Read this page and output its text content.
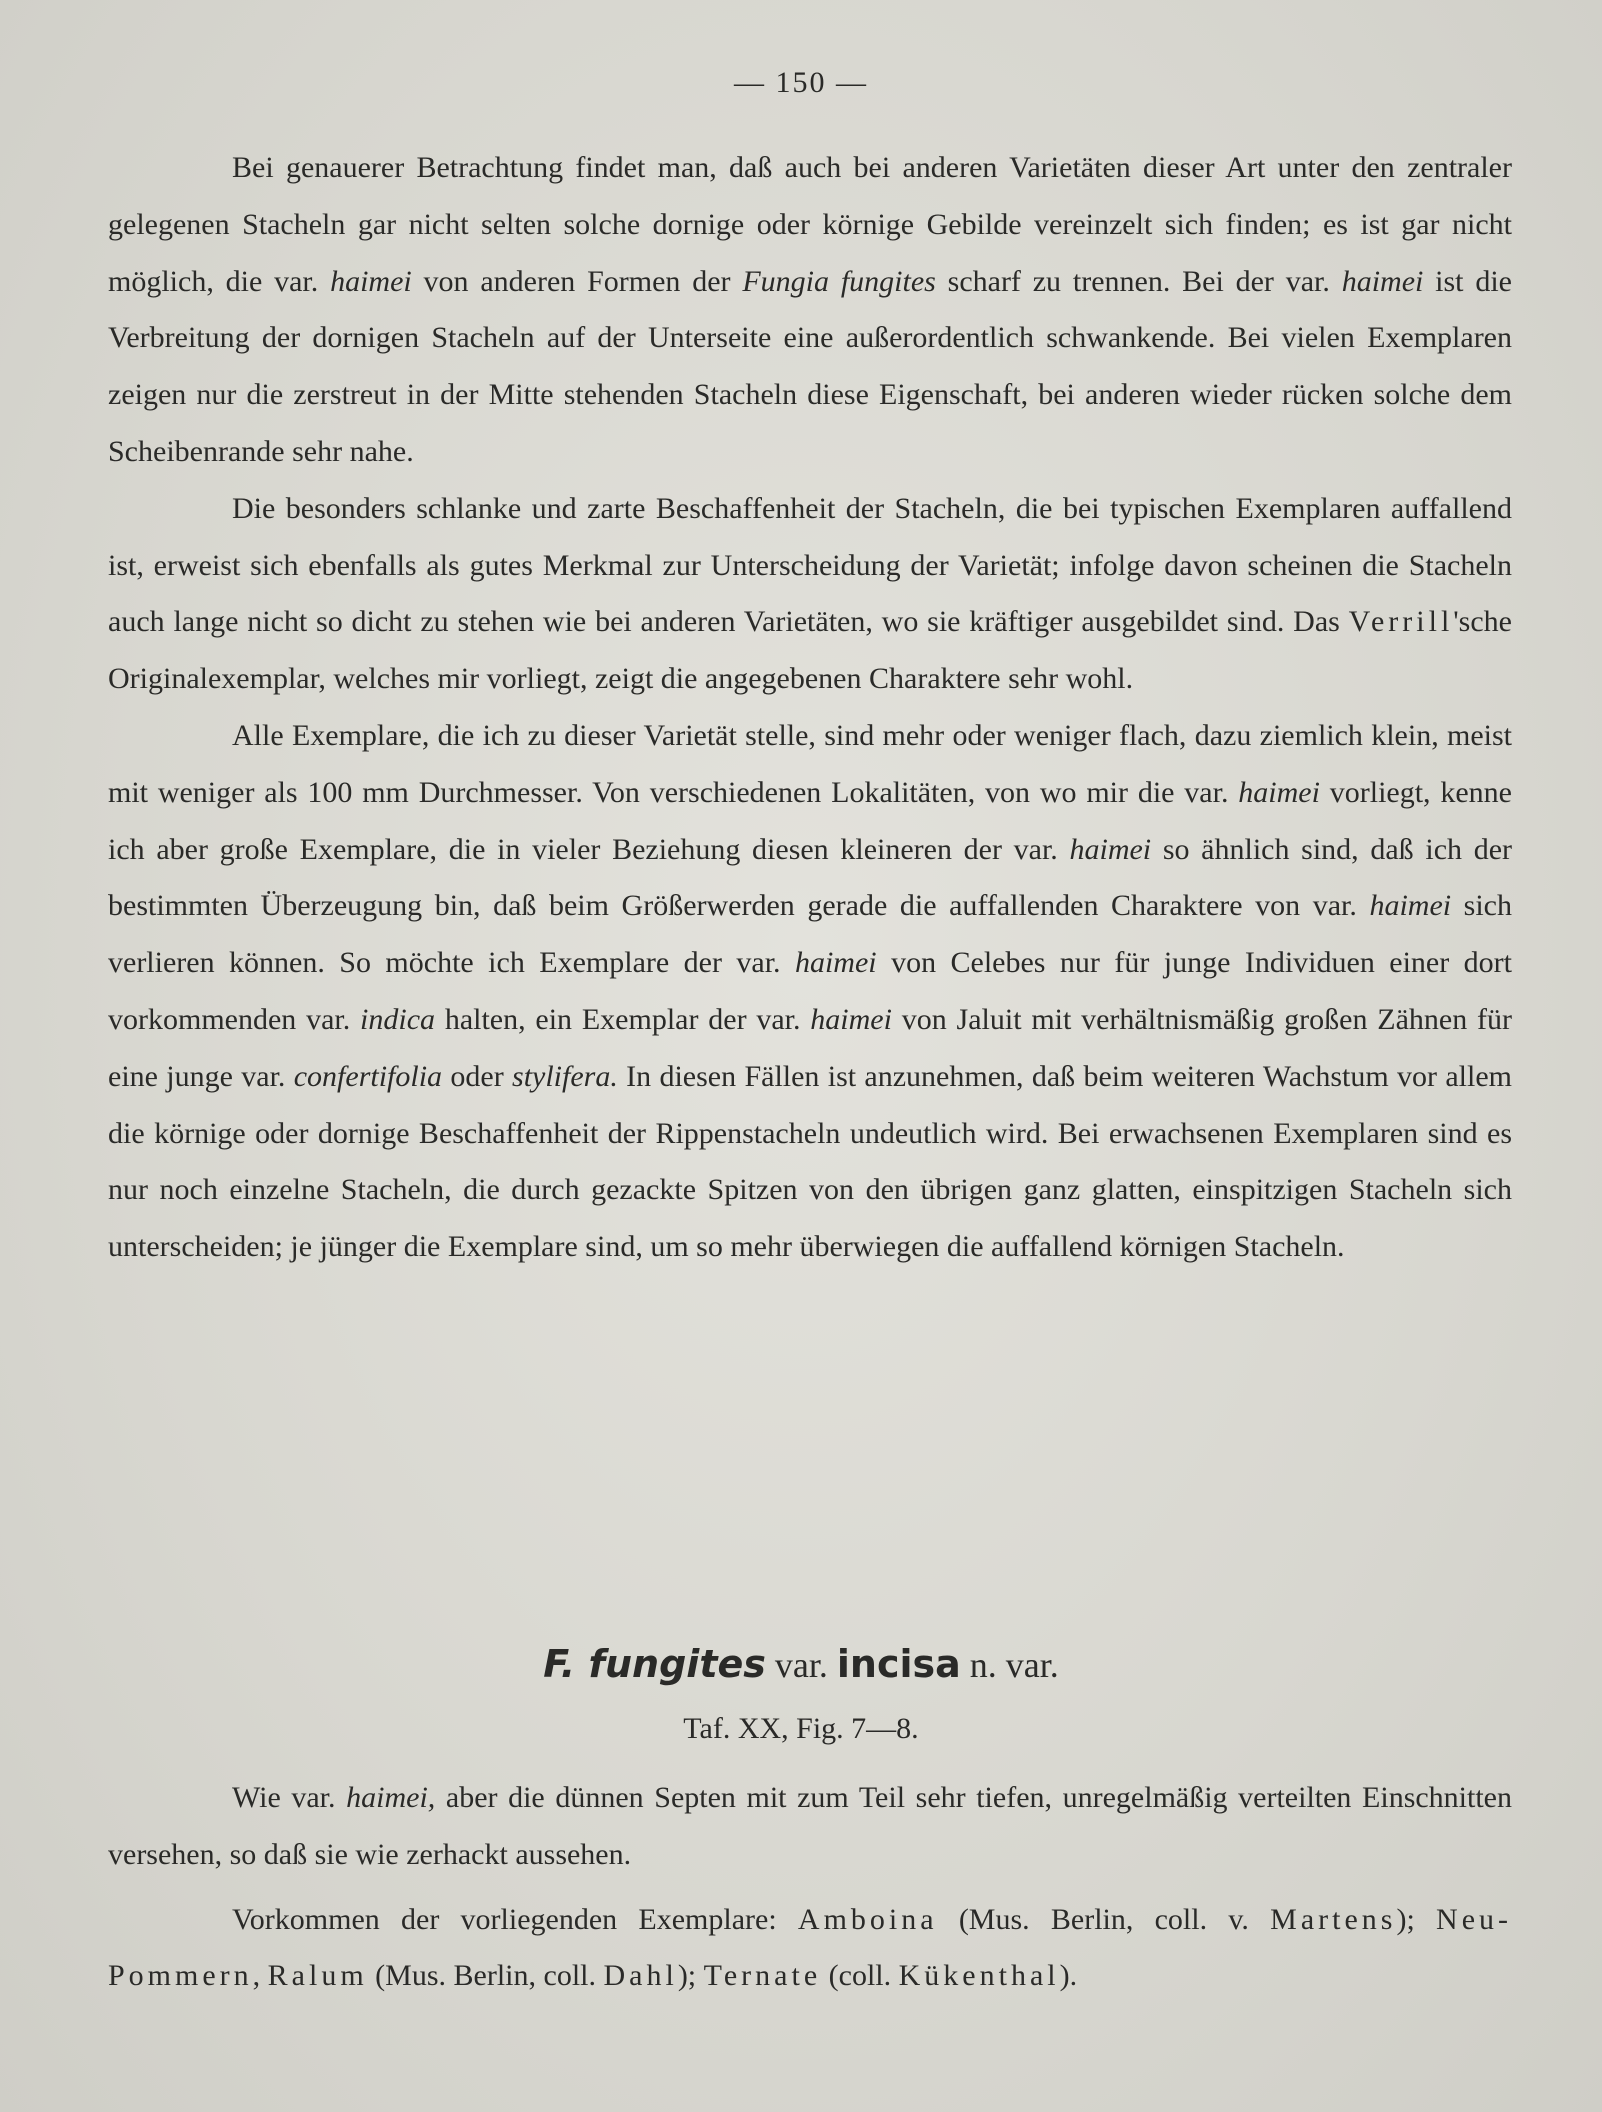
— 150 —

Bei genauerer Betrachtung findet man, daß auch bei anderen Varietäten dieser Art unter den zentraler gelegenen Stacheln gar nicht selten solche dornige oder körnige Gebilde vereinzelt sich finden; es ist gar nicht möglich, die var. haimei von anderen Formen der Fungia fungites scharf zu trennen. Bei der var. haimei ist die Verbreitung der dornigen Stacheln auf der Unterseite eine außerordentlich schwankende. Bei vielen Exemplaren zeigen nur die zerstreut in der Mitte stehenden Stacheln diese Eigenschaft, bei anderen wieder rücken solche dem Scheibenrande sehr nahe.

Die besonders schlanke und zarte Beschaffenheit der Stacheln, die bei typischen Exemplaren auffallend ist, erweist sich ebenfalls als gutes Merkmal zur Unterscheidung der Varietät; infolge davon scheinen die Stacheln auch lange nicht so dicht zu stehen wie bei anderen Varietäten, wo sie kräftiger ausgebildet sind. Das Verrill'sche Originalexemplar, welches mir vorliegt, zeigt die angegebenen Charaktere sehr wohl.

Alle Exemplare, die ich zu dieser Varietät stelle, sind mehr oder weniger flach, dazu ziemlich klein, meist mit weniger als 100 mm Durchmesser. Von verschiedenen Lokalitäten, von wo mir die var. haimei vorliegt, kenne ich aber große Exemplare, die in vieler Beziehung diesen kleineren der var. haimei so ähnlich sind, daß ich der bestimmten Überzeugung bin, daß beim Größerwerden gerade die auffallenden Charaktere von var. haimei sich verlieren können. So möchte ich Exemplare der var. haimei von Celebes nur für junge Individuen einer dort vorkommenden var. indica halten, ein Exemplar der var. haimei von Jaluit mit verhältnismäßig großen Zähnen für eine junge var. confertifolia oder stylifera. In diesen Fällen ist anzunehmen, daß beim weiteren Wachstum vor allem die körnige oder dornige Beschaffenheit der Rippenstacheln undeutlich wird. Bei erwachsenen Exemplaren sind es nur noch einzelne Stacheln, die durch gezackte Spitzen von den übrigen ganz glatten, einspitzigen Stacheln sich unterscheiden; je jünger die Exemplare sind, um so mehr überwiegen die auffallend körnigen Stacheln.

F. fungites var. incisa n. var.
Taf. XX, Fig. 7—8.

Wie var. haimei, aber die dünnen Septen mit zum Teil sehr tiefen, unregelmäßig verteilten Einschnitten versehen, so daß sie wie zerhackt aussehen.

Vorkommen der vorliegenden Exemplare: Amboina (Mus. Berlin, coll. v. Martens); Neu-Pommern, Ralum (Mus. Berlin, coll. Dahl); Ternate (coll. Kükenthal).
